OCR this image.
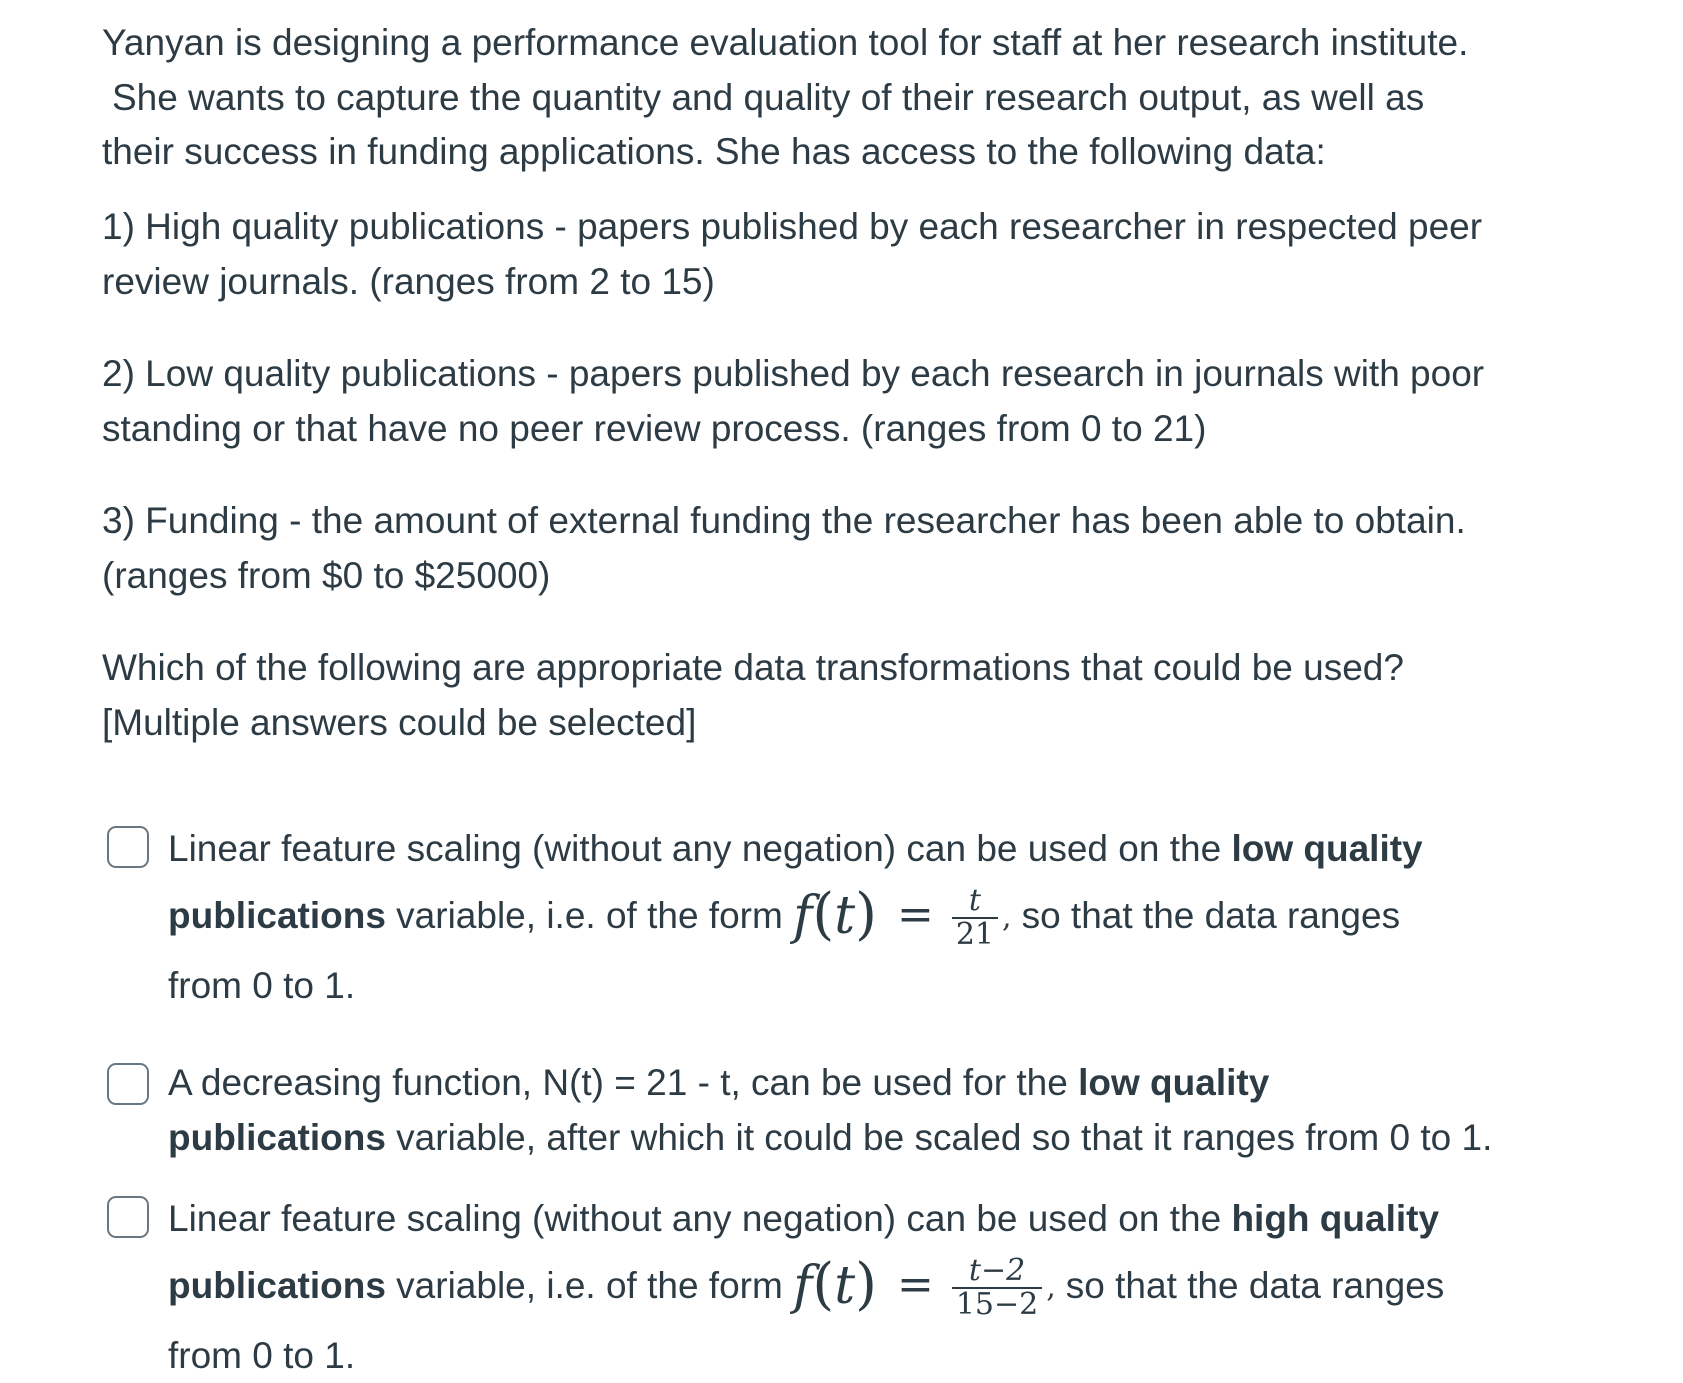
Yanyan is designing a performance evaluation tool for staff at her research institute.
She wants to capture the quantity and quality of their research output, as well as
their success in funding applications. She has access to the following data:
1) High quality publications - papers published by each researcher in respected peer
review journals. (ranges from 2 to 15)
2) Low quality publications - papers published by each research in journals with poor
standing or that have no peer review process. (ranges from 0 to 21)
3) Funding - the amount of external funding the researcher has been able to obtain.
(ranges from $0 to $25000)
Which of the following are appropriate data transformations that could be used?
[Multiple answers could be selected]
Linear feature scaling (without any negation) can be used on the low quality
publications variable, i.e. of the form $f(t) = \frac{t}{21}$ , so that the data ranges
from 0 to 1.
A decreasing function, N(t) = 21 - t, can be used for the low quality
publications variable, after which it could be scaled so that it ranges from 0 to 1.
Linear feature scaling (without any negation) can be used on the high quality
publications variable, i.e. of the form $f(t) = \frac{t-2}{15-2}$ , so that the data ranges
from 0 to 1.
